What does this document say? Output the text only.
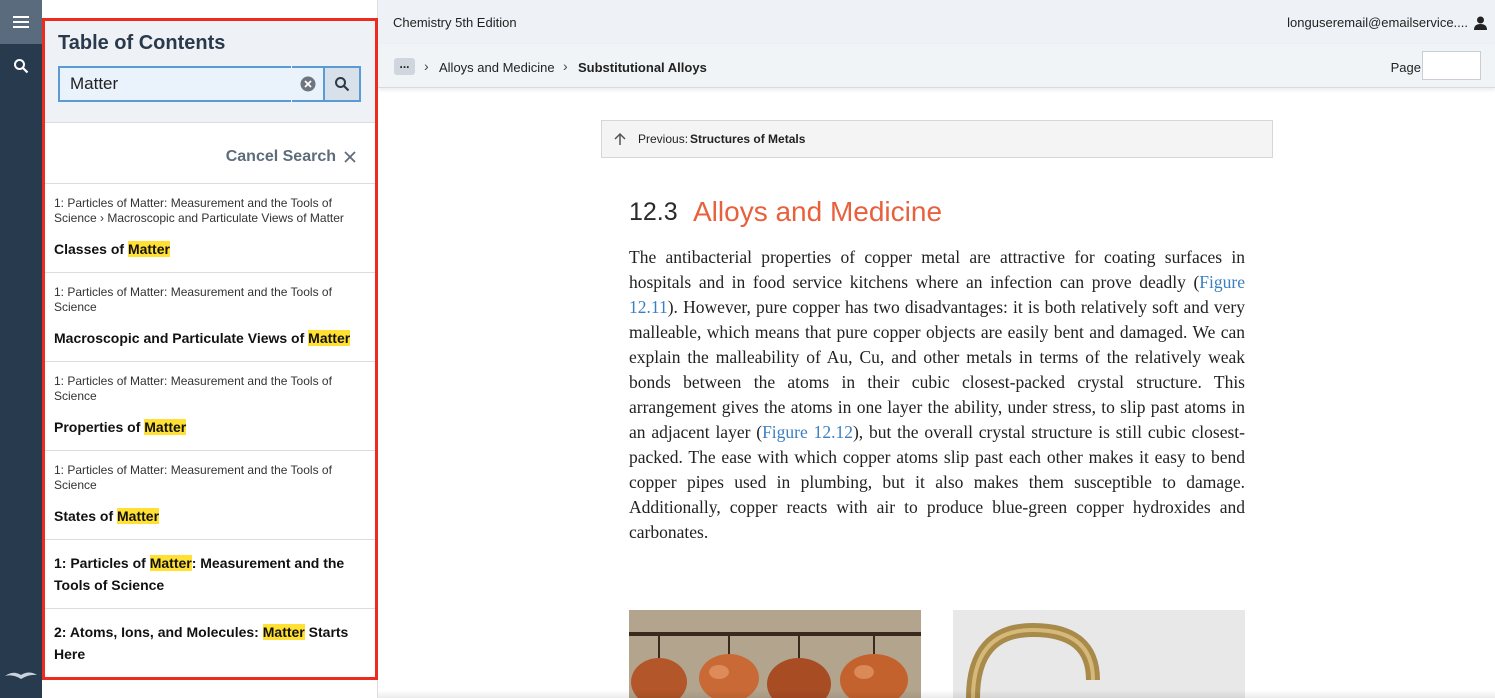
Table of Contents
Matter
Cancel Search
1: Particles of Matter: Measurement and the Tools of Science › Macroscopic and Particulate Views of Matter
Classes of Matter
1: Particles of Matter: Measurement and the Tools of Science
Macroscopic and Particulate Views of Matter
1: Particles of Matter: Measurement and the Tools of Science
Properties of Matter
1: Particles of Matter: Measurement and the Tools of Science
States of Matter
1: Particles of Matter: Measurement and the Tools of Science
2: Atoms, Ions, and Molecules: Matter Starts Here
Chemistry 5th Edition	longuseremail@emailservice....
...	› Alloys and Medicine › Substitutional Alloys	Page
Previous: Structures of Metals
12.3 Alloys and Medicine

The antibacterial properties of copper metal are attractive for coating surfaces in hospitals and in food service kitchens where an infection can prove deadly (Figure 12.11). However, pure copper has two disadvantages: it is both relatively soft and very malleable, which means that pure copper objects are easily bent and damaged. We can explain the malleability of Au, Cu, and other metals in terms of the relatively weak bonds between the atoms in their cubic closest-packed crystal structure. This arrangement gives the atoms in one layer the ability, under stress, to slip past atoms in an adjacent layer (Figure 12.12), but the overall crystal structure is still cubic closest-packed. The ease with which copper atoms slip past each other makes it easy to bend copper pipes used in plumbing, but it also makes them susceptible to damage. Additionally, copper reacts with air to produce blue-green copper hydroxides and carbonates.
